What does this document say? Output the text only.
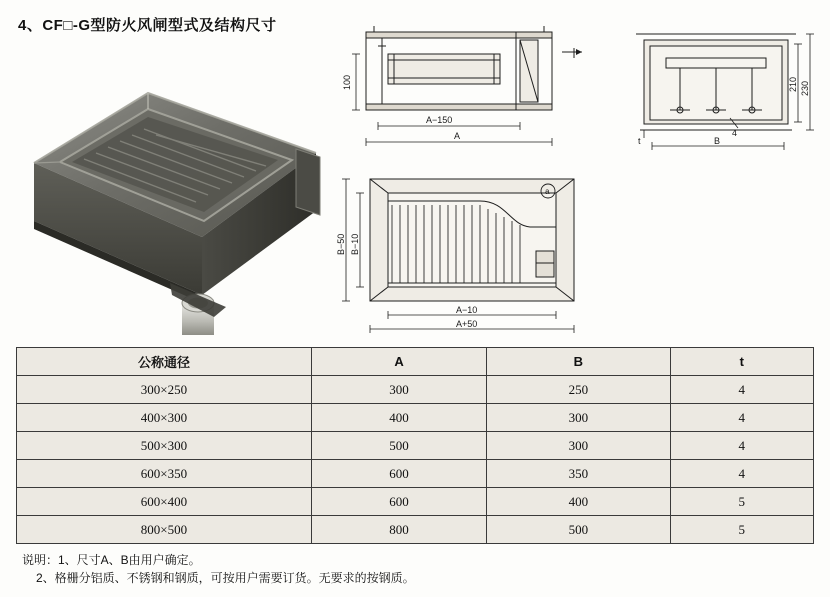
4、CF□-G型防火风闸型式及结构尺寸
100
A−150
A
210 230
4
t	B
a
B−50 B−10
A−10
A+50
公称通径	A	B	t
300×250	300	250	4
400×300	400	300	4
500×300	500	300	4
600×350	600	350	4
600×400	600	400	5
800×500	800	500	5
说明：1、尺寸A、B由用户确定。
2、格栅分铝质、不锈钢和钢质，可按用户需要订货。无要求的按钢质。
